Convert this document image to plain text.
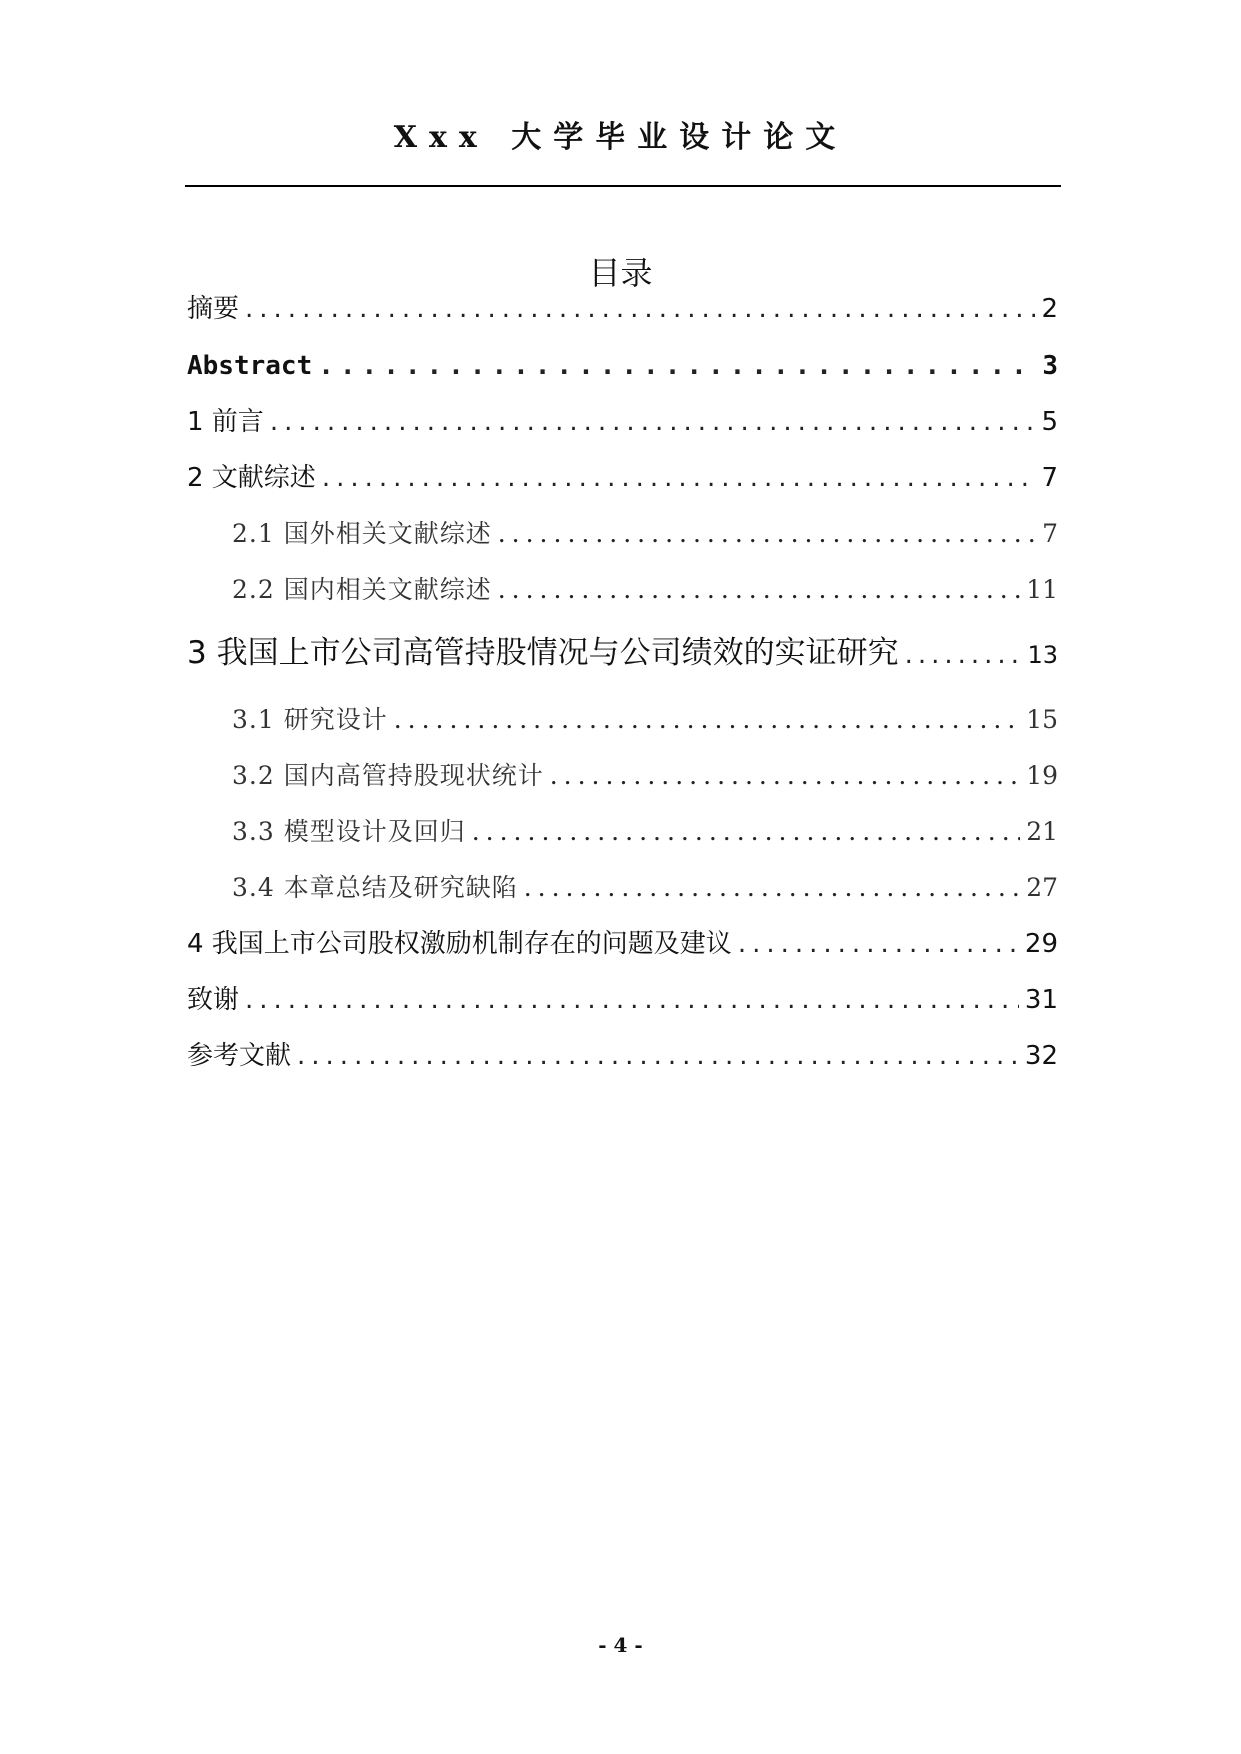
Xxx 大学毕业设计论文
目录
摘要 .....	2
Abstract .....	3
1 前言 .....	5
2 文献综述 .....	7
2.1 国外相关文献综述 .....	7
2.2 国内相关文献综述 .....	11
3 我国上市公司高管持股情况与公司绩效的实证研究 .....	13
3.1 研究设计 .....	15
3.2 国内高管持股现状统计 .....	19
3.3 模型设计及回归 .....	21
3.4 本章总结及研究缺陷 .....	27
4 我国上市公司股权激励机制存在的问题及建议 .....	29
致谢 .....	31
参考文献 .....	32
- 4 -
